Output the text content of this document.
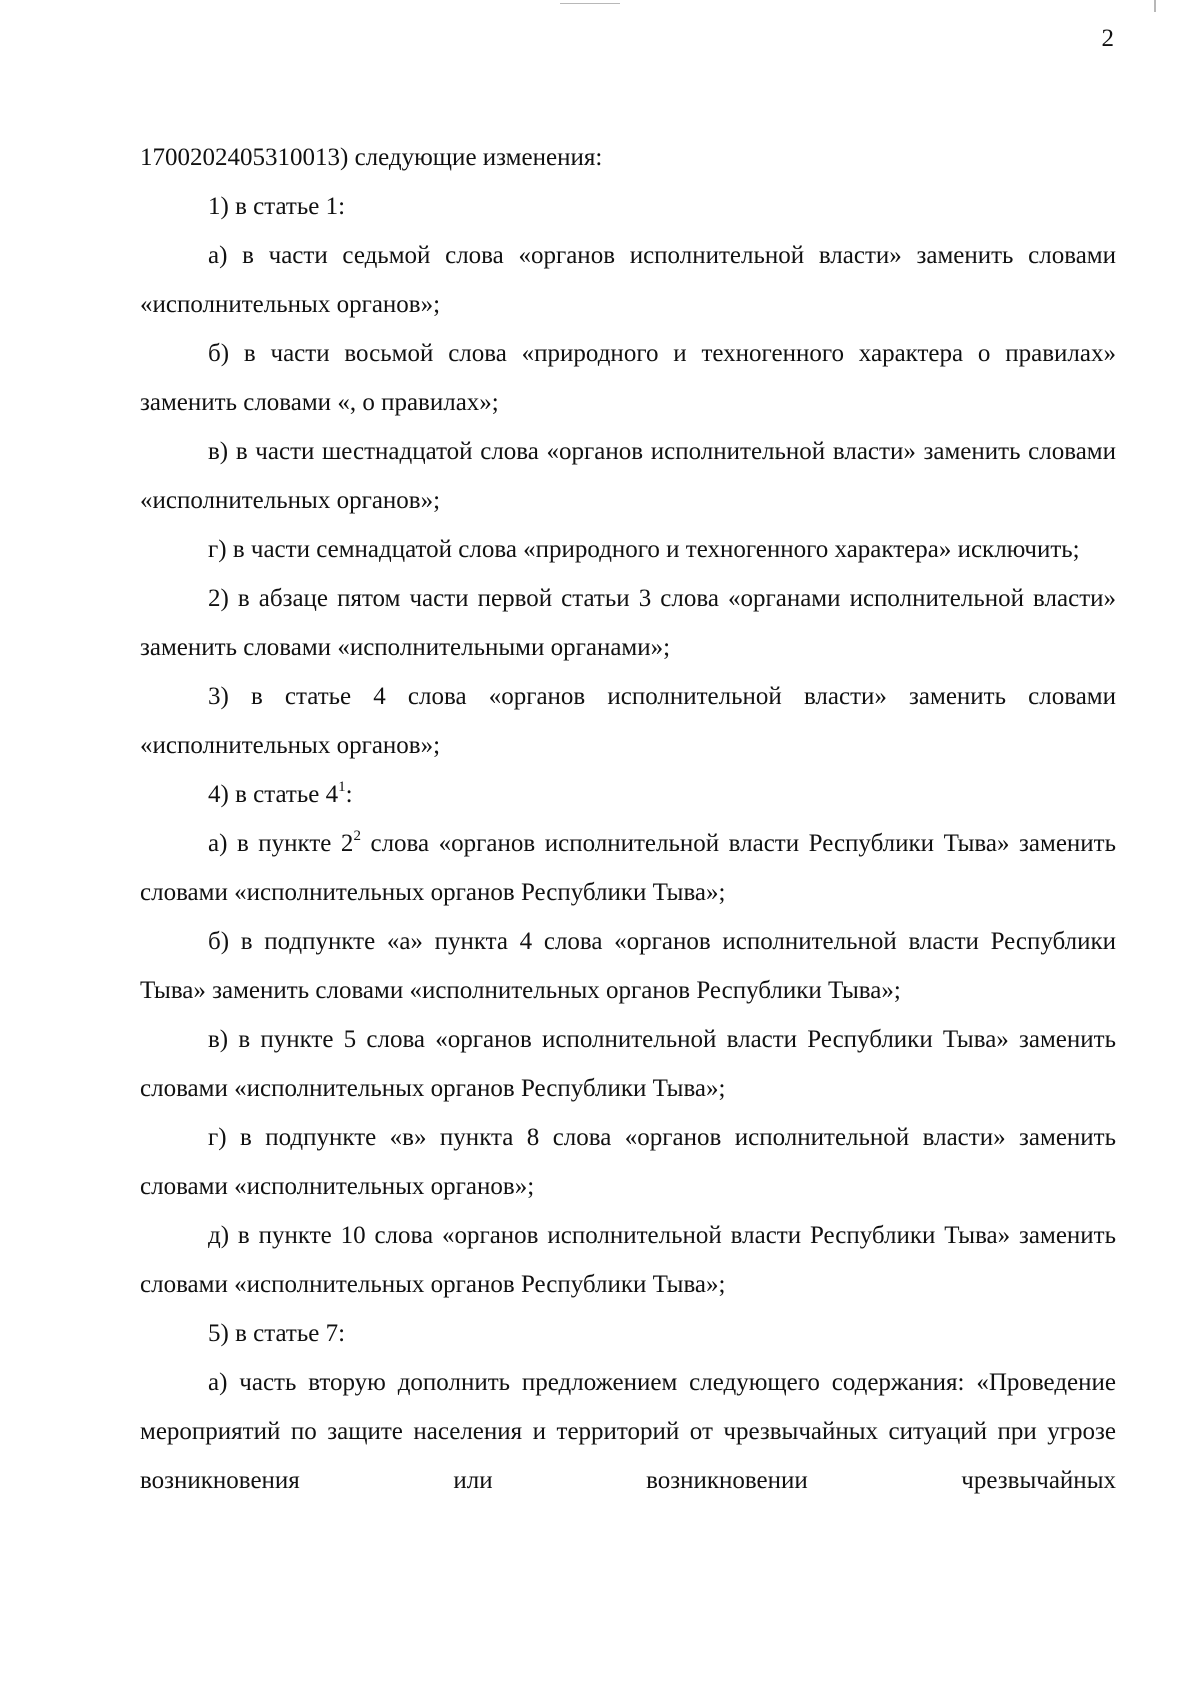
2

1700202405310013) следующие изменения:

1) в статье 1:

а) в части седьмой слова «органов исполнительной власти» заменить словами «исполнительных органов»;

б) в части восьмой слова «природного и техногенного характера о правилах» заменить словами «, о правилах»;

в) в части шестнадцатой слова «органов исполнительной власти» заменить словами «исполнительных органов»;

г) в части семнадцатой слова «природного и техногенного характера» исключить;

2) в абзаце пятом части первой статьи 3 слова «органами исполнительной власти» заменить словами «исполнительными органами»;

3) в статье 4 слова «органов исполнительной власти» заменить словами «исполнительных органов»;

4) в статье $4^1$:

а) в пункте $2^2$ слова «органов исполнительной власти Республики Тыва» заменить словами «исполнительных органов Республики Тыва»;

б) в подпункте «а» пункта 4 слова «органов исполнительной власти Республики Тыва» заменить словами «исполнительных органов Республики Тыва»;

в) в пункте 5 слова «органов исполнительной власти Республики Тыва» заменить словами «исполнительных органов Республики Тыва»;

г) в подпункте «в» пункта 8 слова «органов исполнительной власти» заменить словами «исполнительных органов»;

д) в пункте 10 слова «органов исполнительной власти Республики Тыва» заменить словами «исполнительных органов Республики Тыва»;

5) в статье 7:

а) часть вторую дополнить предложением следующего содержания: «Проведение мероприятий по защите населения и территорий от чрезвычайных ситуаций при угрозе возникновения или возникновении чрезвычайных
